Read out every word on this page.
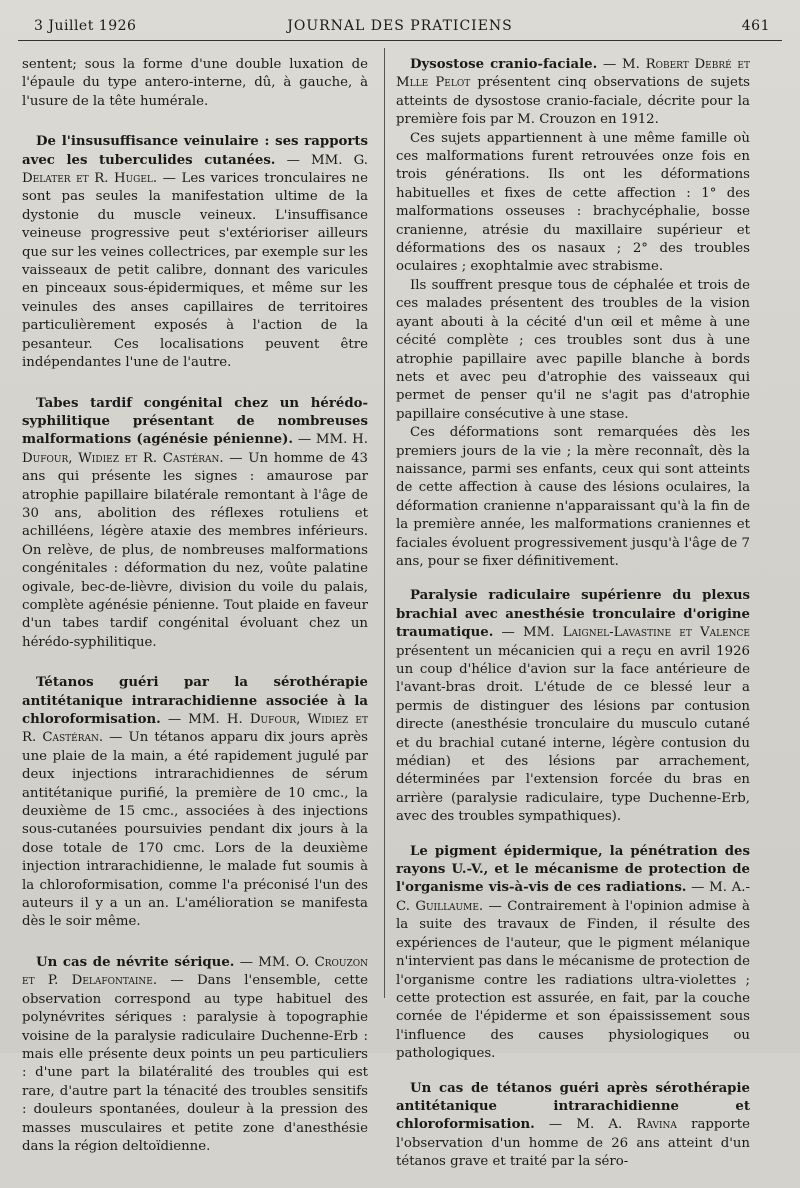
3 Juillet 1926	JOURNAL DES PRATICIENS	461

sentent; sous la forme d'une double luxation de l'épaule du type antero-interne, dû, à gauche, à l'usure de la tête humérale.

De l'insusuffisance veinulaire : ses rapports avec les tuberculides cutanées. — MM. G. Delater et R. Hugel. — Les varices tronculaires ne sont pas seules la manifestation ultime de la dystonie du muscle veineux. L'insuffisance veineuse progressive peut s'extérioriser ailleurs que sur les veines collectrices, par exemple sur les vaisseaux de petit calibre, donnant des varicules en pinceaux sous-épidermiques, et même sur les veinules des anses capillaires de territoires particulièrement exposés à l'action de la pesanteur. Ces localisations peuvent être indépendantes l'une de l'autre.

Tabes tardif congénital chez un hérédo-syphilitique présentant de nombreuses malformations (agénésie pénienne). — MM. H. Dufour, Widiez et R. Castéran. — Un homme de 43 ans qui présente les signes : amaurose par atrophie papillaire bilatérale remontant à l'âge de 30 ans, abolition des réflexes rotuliens et achilléens, légère ataxie des membres inférieurs. On relève, de plus, de nombreuses malformations congénitales : déformation du nez, voûte palatine ogivale, bec-de-lièvre, division du voile du palais, complète agénésie pénienne. Tout plaide en faveur d'un tabes tardif congénital évoluant chez un hérédo-syphilitique.

Tétanos guéri par la sérothérapie antitétanique intrarachidienne associée à la chloroformisation. — MM. H. Dufour, Widiez et R. Castéran. — Un tétanos apparu dix jours après une plaie de la main, a été rapidement jugulé par deux injections intrarachidiennes de sérum antitétanique purifié, la première de 10 cmc., la deuxième de 15 cmc., associées à des injections sous-cutanées poursuivies pendant dix jours à la dose totale de 170 cmc. Lors de la deuxième injection intrarachidienne, le malade fut soumis à la chloroformisation, comme l'a préconisé l'un des auteurs il y a un an. L'amélioration se manifesta dès le soir même.

Un cas de névrite sérique. — MM. O. Crouzon et P. Delafontaine. — Dans l'ensemble, cette observation correspond au type habituel des polynévrites sériques : paralysie à topographie voisine de la paralysie radiculaire Duchenne-Erb : mais elle présente deux points un peu particuliers : d'une part la bilatéralité des troubles qui est rare, d'autre part la ténacité des troubles sensitifs : douleurs spontanées, douleur à la pression des masses musculaires et petite zone d'anesthésie dans la région deltoïdienne.

Dysostose cranio-faciale. — M. Robert Debré et Mlle Pelot présentent cinq observations de sujets atteints de dysostose cranio-faciale, décrite pour la première fois par M. Crouzon en 1912.

Ces sujets appartiennent à une même famille où ces malformations furent retrouvées onze fois en trois générations. Ils ont les déformations habituelles et fixes de cette affection : 1° des malformations osseuses : brachycéphalie, bosse cranienne, atrésie du maxillaire supérieur et déformations des os nasaux ; 2° des troubles oculaires ; exophtalmie avec strabisme.

Ils souffrent presque tous de céphalée et trois de ces malades présentent des troubles de la vision ayant abouti à la cécité d'un œil et même à une cécité complète ; ces troubles sont dus à une atrophie papillaire avec papille blanche à bords nets et avec peu d'atrophie des vaisseaux qui permet de penser qu'il ne s'agit pas d'atrophie papillaire consécutive à une stase.

Ces déformations sont remarquées dès les premiers jours de la vie ; la mère reconnaît, dès la naissance, parmi ses enfants, ceux qui sont atteints de cette affection à cause des lésions oculaires, la déformation cranienne n'apparaissant qu'à la fin de la première année, les malformations craniennes et faciales évoluent progressivement jusqu'à l'âge de 7 ans, pour se fixer définitivement.

Paralysie radiculaire supérienre du plexus brachial avec anesthésie tronculaire d'origine traumatique. — MM. Laignel-Lavastine et Valence présentent un mécanicien qui a reçu en avril 1926 un coup d'hélice d'avion sur la face antérieure de l'avant-bras droit. L'étude de ce blessé leur a permis de distinguer des lésions par contusion directe (anesthésie tronculaire du musculo cutané et du brachial cutané interne, légère contusion du médian) et des lésions par arrachement, déterminées par l'extension forcée du bras en arrière (paralysie radiculaire, type Duchenne-Erb, avec des troubles sympathiques).

Le pigment épidermique, la pénétration des rayons U.-V., et le mécanisme de protection de l'organisme vis-à-vis de ces radiations. — M. A.-C. Guillaume. — Contrairement à l'opinion admise à la suite des travaux de Finden, il résulte des expériences de l'auteur, que le pigment mélanique n'intervient pas dans le mécanisme de protection de l'organisme contre les radiations ultra-violettes ; cette protection est assurée, en fait, par la couche cornée de l'épiderme et son épaississement sous l'influence des causes physiologiques ou pathologiques.

Un cas de tétanos guéri après sérothérapie antitétanique intrarachidienne et chloroformisation. — M. A. Ravina rapporte l'observation d'un homme de 26 ans atteint d'un tétanos grave et traité par la séro-
